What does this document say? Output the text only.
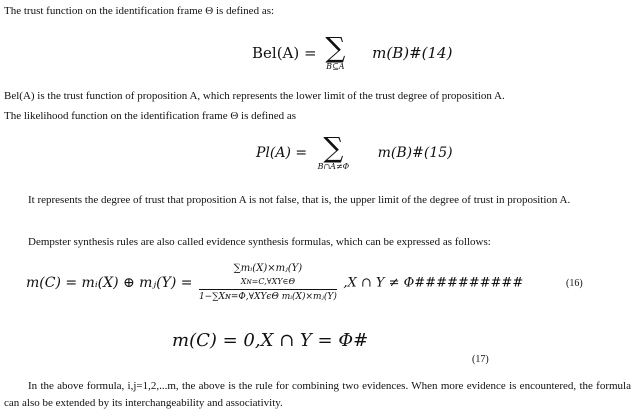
The trust function on the identification frame Θ is defined as:
Bel(A) = ∑
B⊆A
m(B)#(14)
Bel(A) is the trust function of proposition A, which represents the lower limit of the trust degree of proposition A.
The likelihood function on the identification frame Θ is defined as
Pl(A) = ∑
B∩A≠Φ
m(B)#(15)
It represents the degree of trust that proposition A is not false, that is, the upper limit of the degree of trust in proposition A.
Dempster synthesis rules are also called evidence synthesis formulas, which can be expressed as follows:
m(C) = mᵢ(X) ⊕ mⱼ(Y) =
∑mᵢ(X)×mⱼ(Y)
Xɴ=C,∀XY∈Θ
1−∑Xɴ=Φ,∀XYϵΘ mᵢ(X)×mⱼ(Y)
,X ∩ Y ≠ Φ##########	(16)
m(C) = 0,X ∩ Y = Φ#
(17)
In the above formula, i,j=1,2,...m, the above is the rule for combining two evidences. When more evidence is encountered, the formula can also be extended by its interchangeability and associativity.
